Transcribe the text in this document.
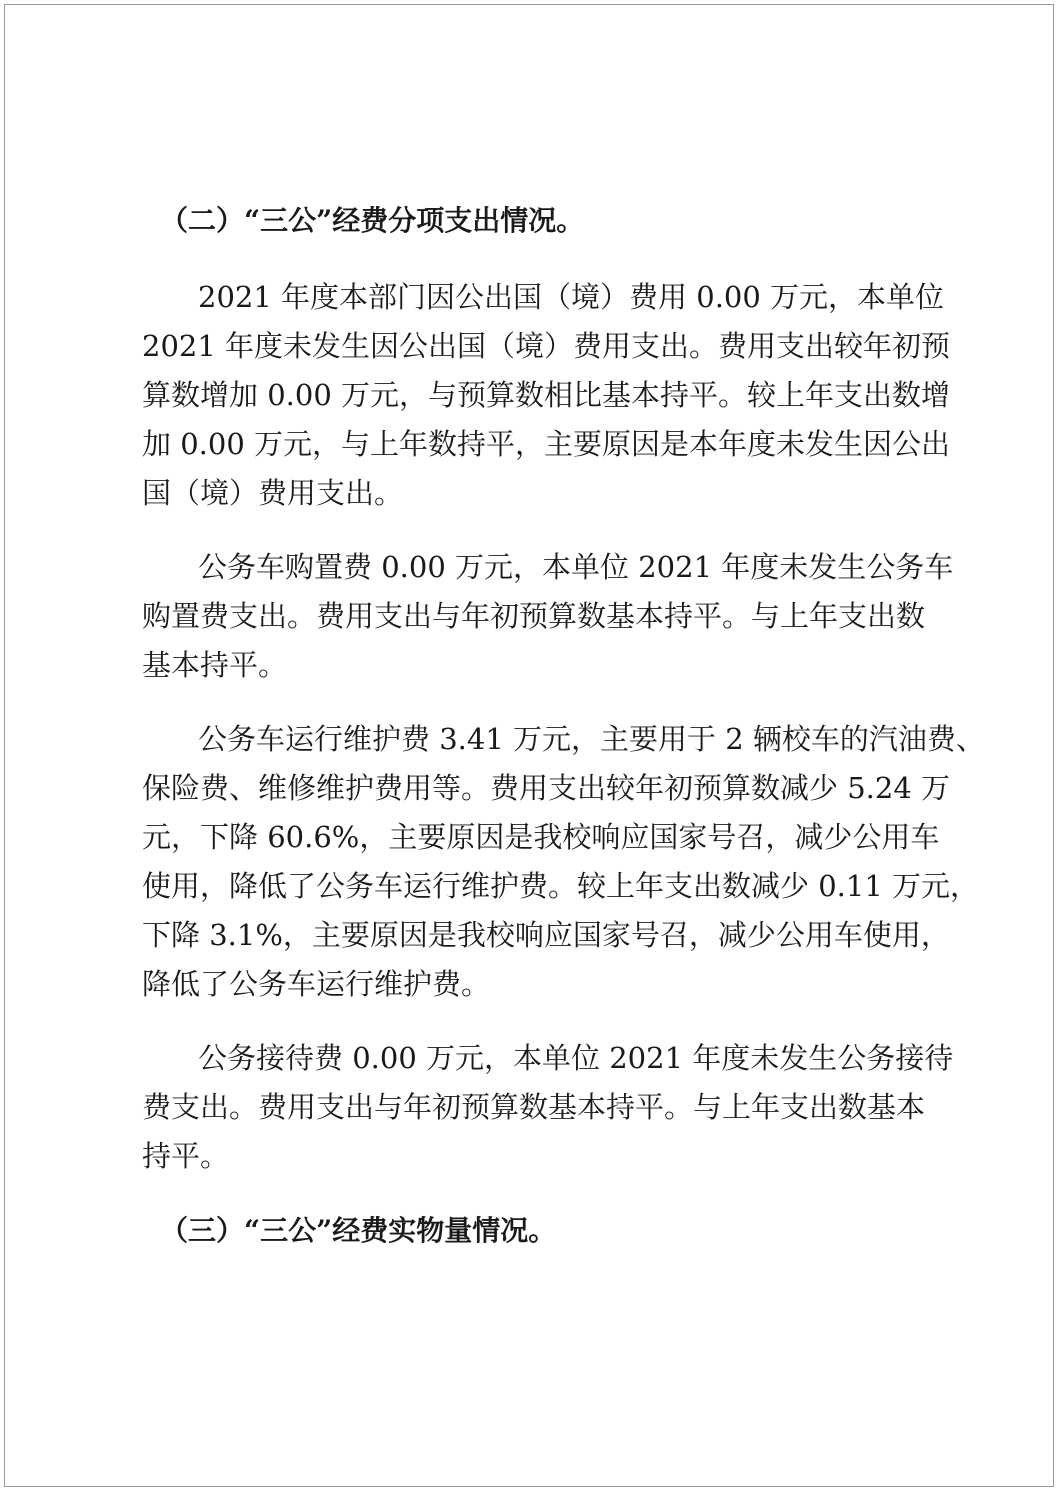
（二）“三公”经费分项支出情况。
2021 年度本部门因公出国（境）费用 0.00 万元，本单位
2021 年度未发生因公出国（境）费用支出。费用支出较年初预
算数增加 0.00 万元，与预算数相比基本持平。较上年支出数增
加 0.00 万元，与上年数持平，主要原因是本年度未发生因公出
国（境）费用支出。
公务车购置费 0.00 万元，本单位 2021 年度未发生公务车
购置费支出。费用支出与年初预算数基本持平。与上年支出数
基本持平。
公务车运行维护费 3.41 万元，主要用于 2 辆校车的汽油费、
保险费、维修维护费用等。费用支出较年初预算数减少 5.24 万
元，下降 60.6%，主要原因是我校响应国家号召，减少公用车
使用，降低了公务车运行维护费。较上年支出数减少 0.11 万元，
下降 3.1%，主要原因是我校响应国家号召，减少公用车使用，
降低了公务车运行维护费。
公务接待费 0.00 万元，本单位 2021 年度未发生公务接待
费支出。费用支出与年初预算数基本持平。与上年支出数基本
持平。
（三）“三公”经费实物量情况。
